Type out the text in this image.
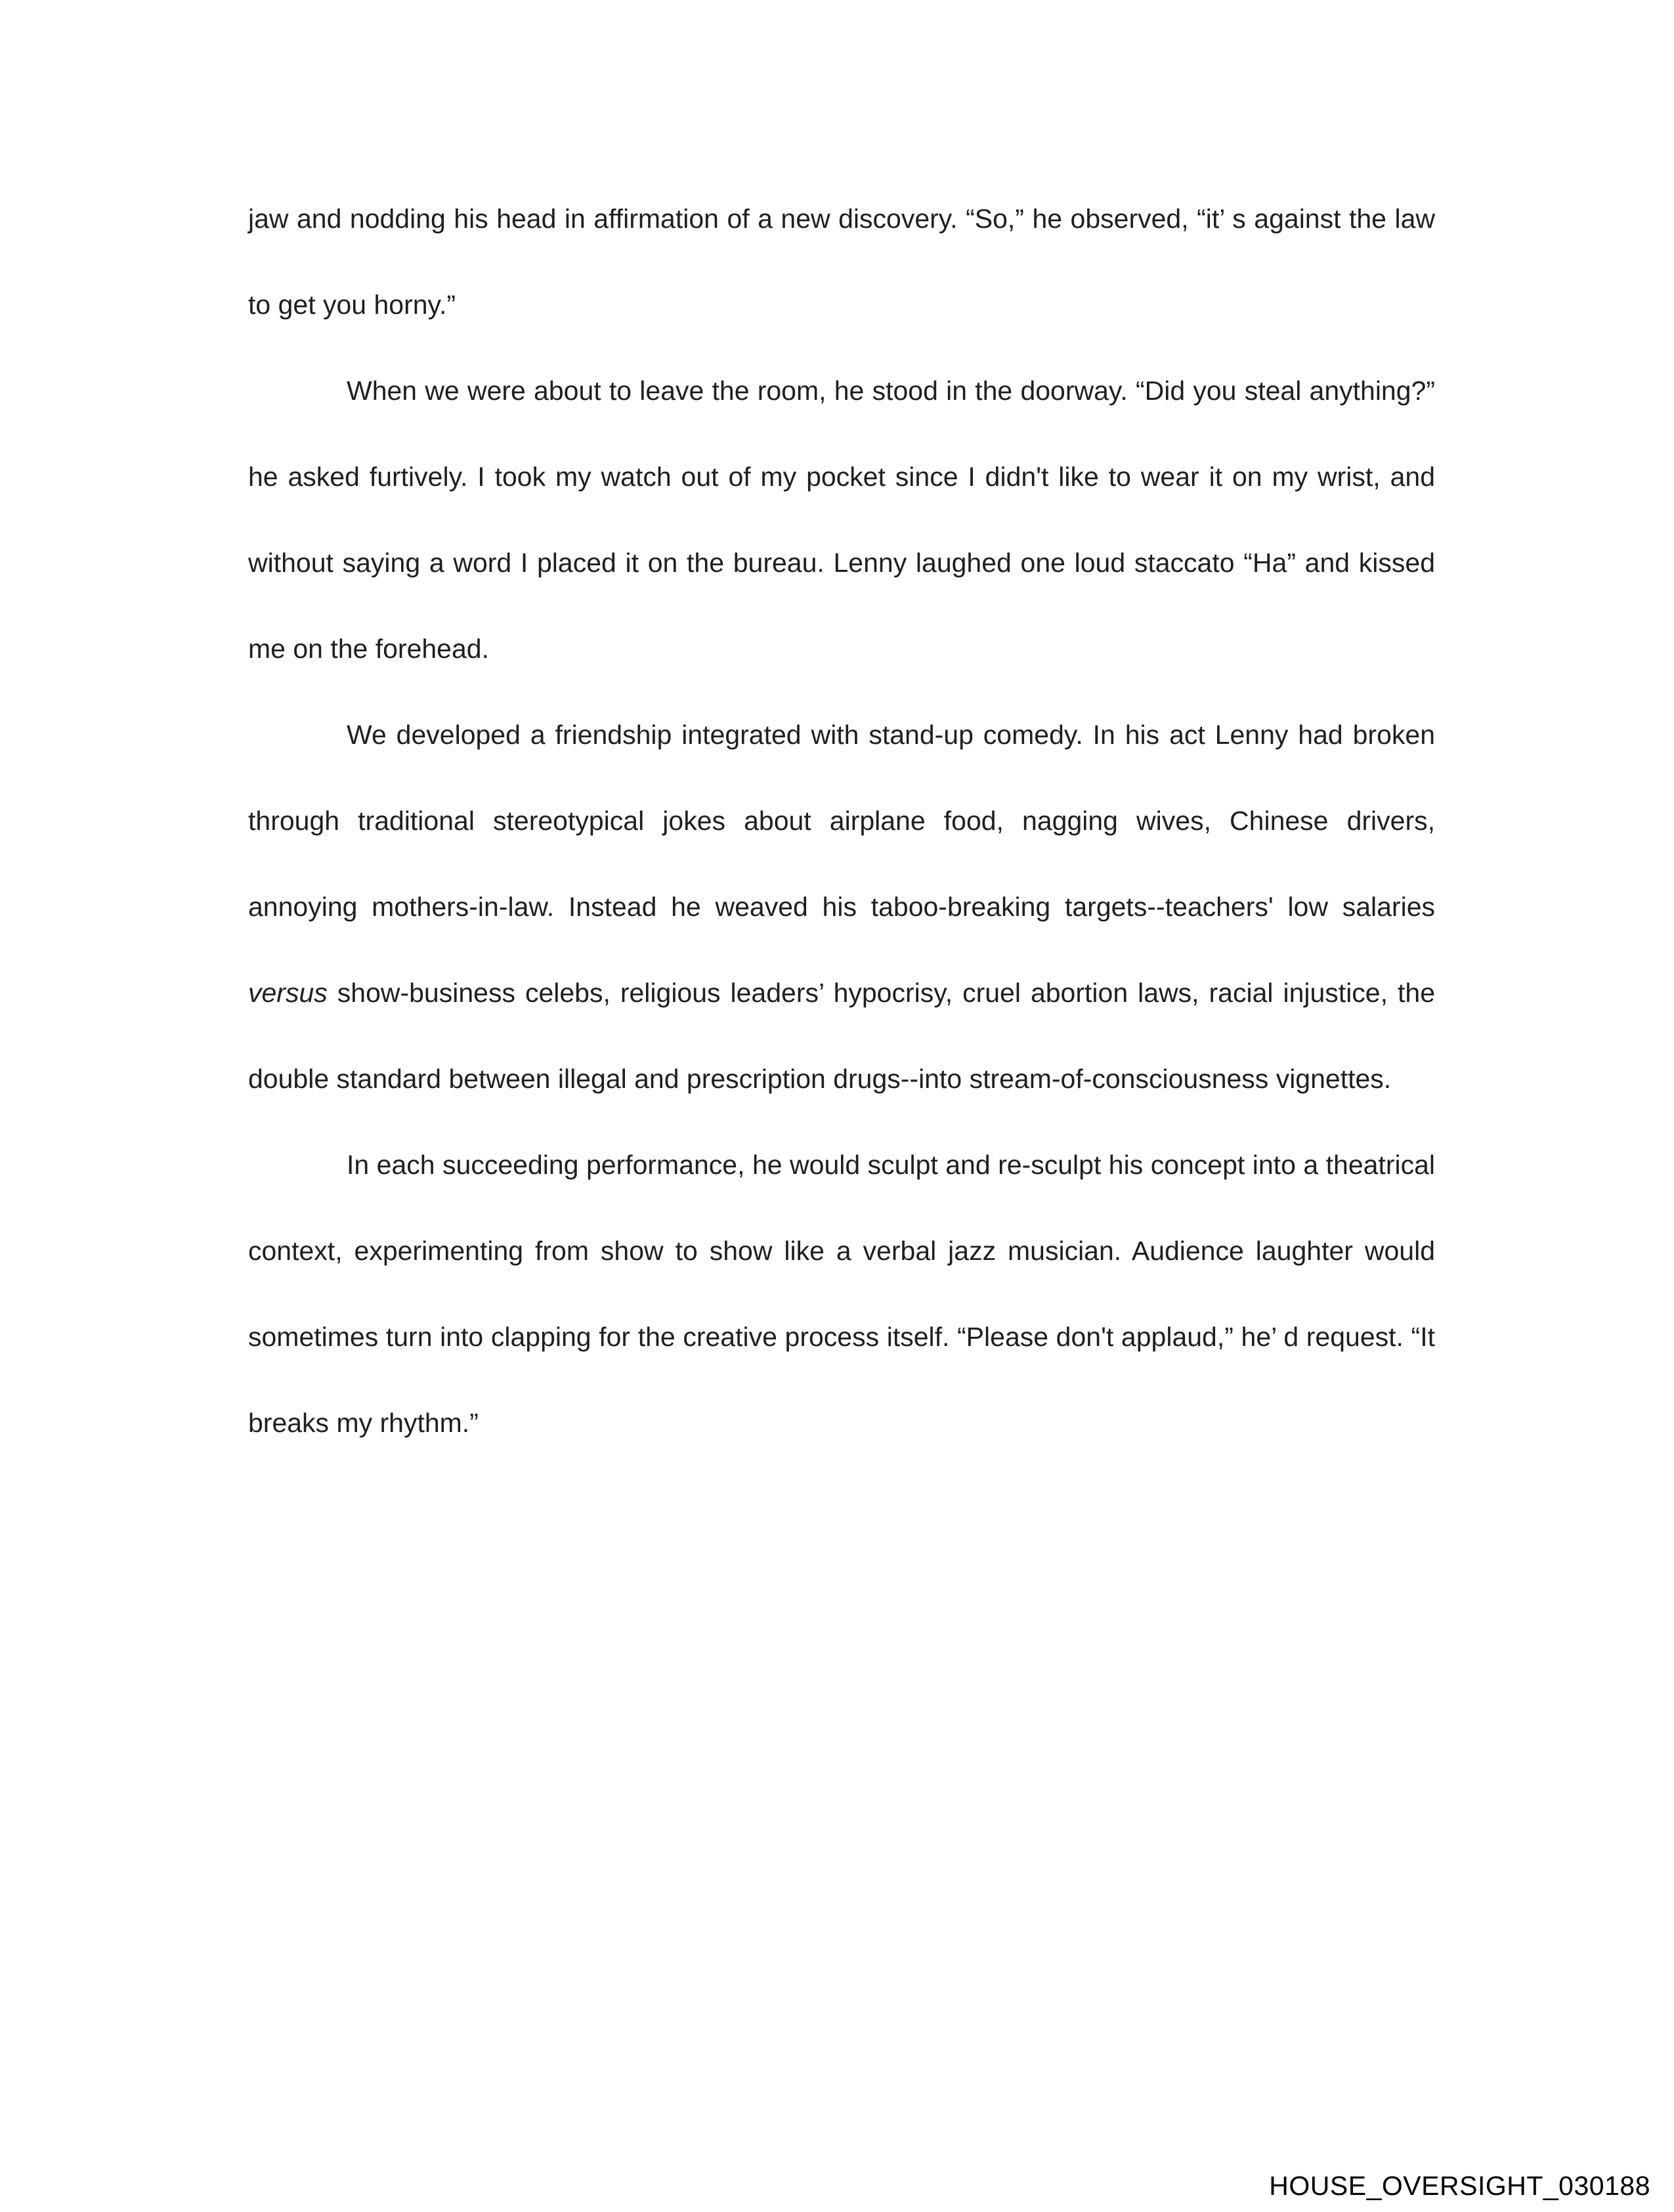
jaw and nodding his head in affirmation of a new discovery. “So,” he observed, “it’ s against the law to get you horny.”

When we were about to leave the room, he stood in the doorway. “Did you steal anything?” he asked furtively. I took my watch out of my pocket since I didn't like to wear it on my wrist, and without saying a word I placed it on the bureau. Lenny laughed one loud staccato “Ha” and kissed me on the forehead.

We developed a friendship integrated with stand-up comedy. In his act Lenny had broken through traditional stereotypical jokes about airplane food, nagging wives, Chinese drivers, annoying mothers-in-law. Instead he weaved his taboo-breaking targets--teachers' low salaries versus show-business celebs, religious leaders’ hypocrisy, cruel abortion laws, racial injustice, the double standard between illegal and prescription drugs--into stream-of-consciousness vignettes.

In each succeeding performance, he would sculpt and re-sculpt his concept into a theatrical context, experimenting from show to show like a verbal jazz musician. Audience laughter would sometimes turn into clapping for the creative process itself. “Please don't applaud,” he’ d request. “It breaks my rhythm.”

HOUSE_OVERSIGHT_030188
